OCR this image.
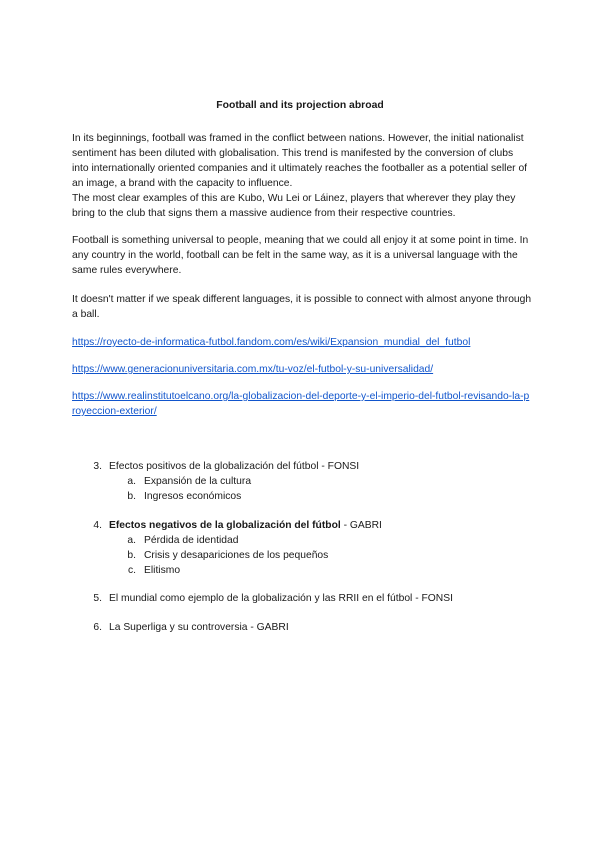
Football and its projection abroad

In its beginnings, football was framed in the conflict between nations. However, the initial nationalist sentiment has been diluted with globalisation. This trend is manifested by the conversion of clubs into internationally oriented companies and it ultimately reaches the footballer as a potential seller of an image, a brand with the capacity to influence.

The most clear examples of this are Kubo, Wu Lei or Láinez, players that wherever they play they bring to the club that signs them a massive audience from their respective countries.

Football is something universal to people, meaning that we could all enjoy it at some point in time. In any country in the world, football can be felt in the same way, as it is a universal language with the same rules everywhere.

It doesn't matter if we speak different languages, it is possible to connect with almost anyone through a ball.

https://royecto-de-informatica-futbol.fandom.com/es/wiki/Expansion_mundial_del_futbol
https://www.generacionuniversitaria.com.mx/tu-voz/el-futbol-y-su-universalidad/
https://www.realinstitutoelcano.org/la-globalizacion-del-deporte-y-el-imperio-del-futbol-revisando-la-proyeccion-exterior/
3. Efectos positivos de la globalización del fútbol - FONSI
a. Expansión de la cultura
b. Ingresos económicos
4. Efectos negativos de la globalización del fútbol - GABRI
a. Pérdida de identidad
b. Crisis y desapariciones de los pequeños
c. Elitismo
5. El mundial como ejemplo de la globalización y las RRII en el fútbol - FONSI
6. La Superliga y su controversia - GABRI
